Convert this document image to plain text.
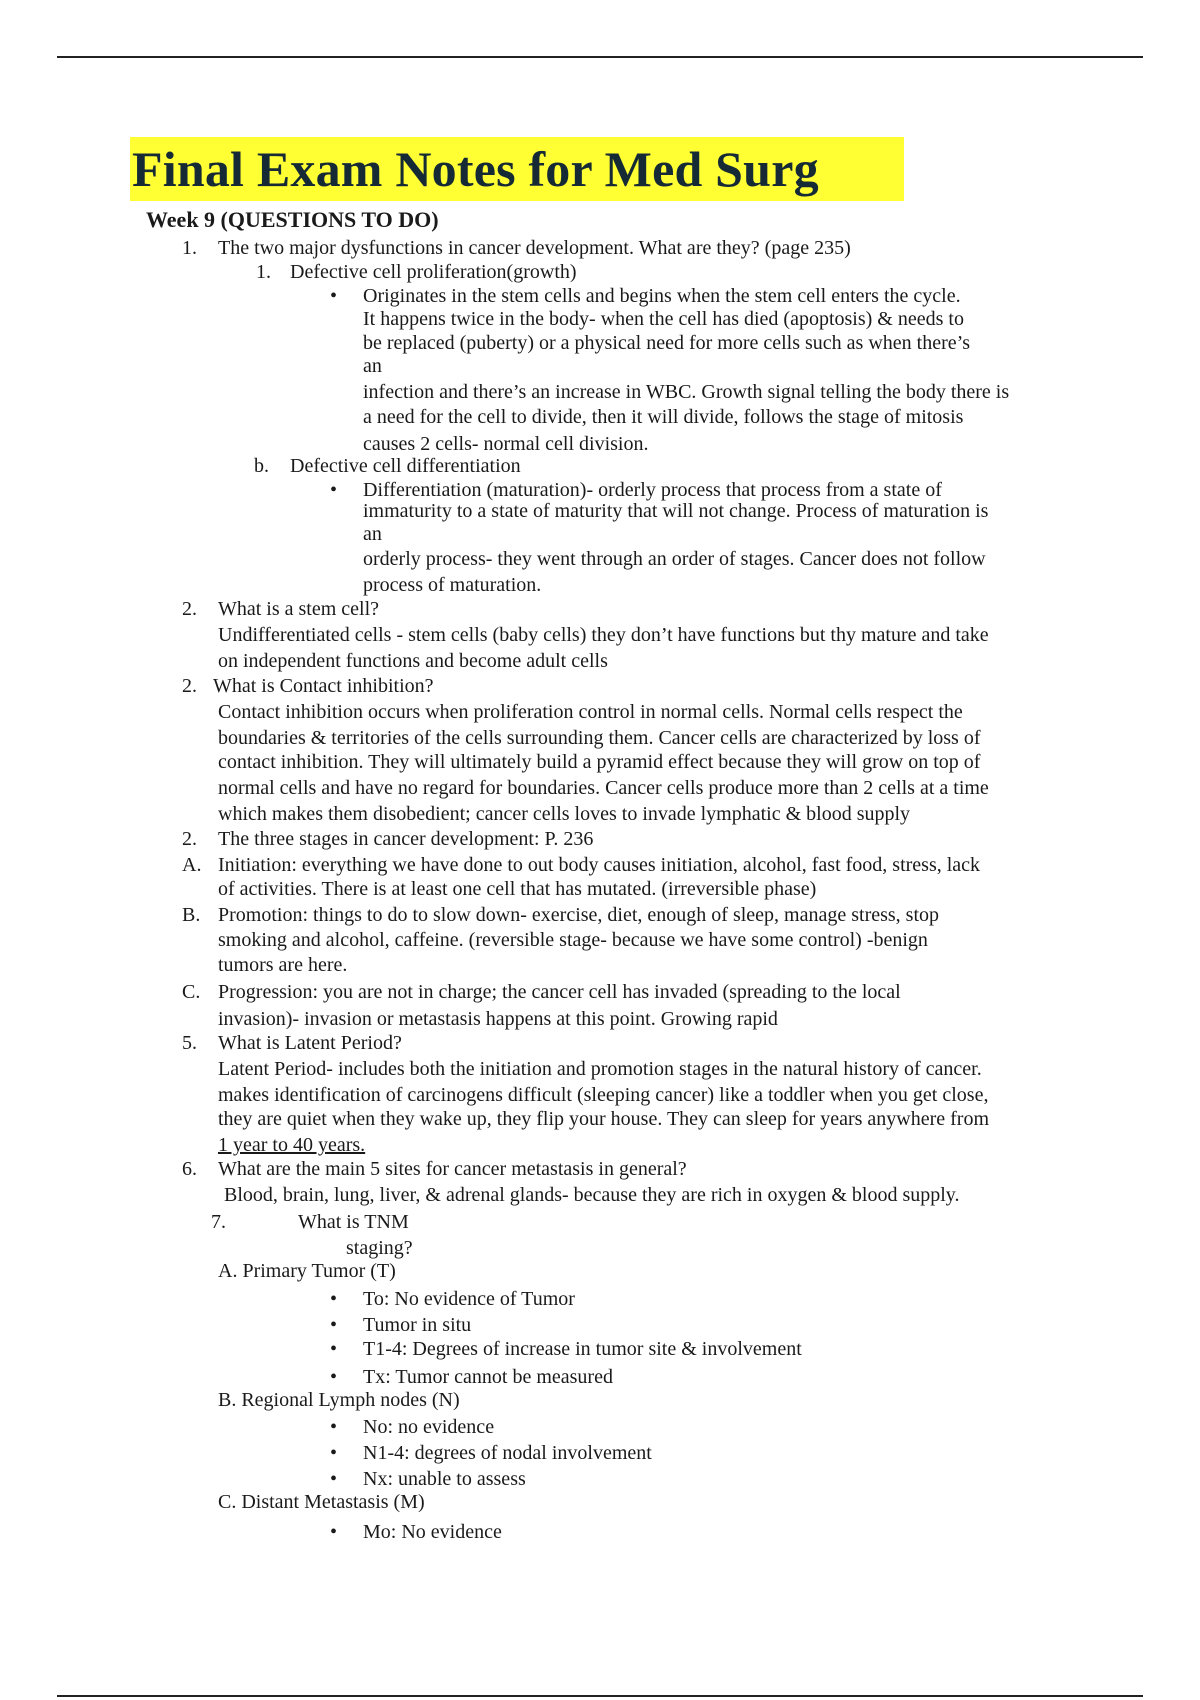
Final Exam Notes for Med Surg
Week 9 (QUESTIONS TO DO)
1. The two major dysfunctions in cancer development. What are they? (page 235)
1. Defective cell proliferation(growth)
• Originates in the stem cells and begins when the stem cell enters the cycle.
It happens twice in the body- when the cell has died (apoptosis) & needs to
be replaced (puberty) or a physical need for more cells such as when there’s
an
infection and there’s an increase in WBC. Growth signal telling the body there is
a need for the cell to divide, then it will divide, follows the stage of mitosis
causes 2 cells- normal cell division.
b. Defective cell differentiation
• Differentiation (maturation)- orderly process that process from a state of
immaturity to a state of maturity that will not change. Process of maturation is
an
orderly process- they went through an order of stages. Cancer does not follow
process of maturation.
2. What is a stem cell?
Undifferentiated cells - stem cells (baby cells) they don’t have functions but thy mature and take
on independent functions and become adult cells
2. What is Contact inhibition?
Contact inhibition occurs when proliferation control in normal cells. Normal cells respect the
boundaries & territories of the cells surrounding them. Cancer cells are characterized by loss of
contact inhibition. They will ultimately build a pyramid effect because they will grow on top of
normal cells and have no regard for boundaries. Cancer cells produce more than 2 cells at a time
which makes them disobedient; cancer cells loves to invade lymphatic & blood supply
2. The three stages in cancer development: P. 236
A. Initiation: everything we have done to out body causes initiation, alcohol, fast food, stress, lack
of activities. There is at least one cell that has mutated. (irreversible phase)
B. Promotion: things to do to slow down- exercise, diet, enough of sleep, manage stress, stop
smoking and alcohol, caffeine. (reversible stage- because we have some control) -benign
tumors are here.
C. Progression: you are not in charge; the cancer cell has invaded (spreading to the local
invasion)- invasion or metastasis happens at this point. Growing rapid
5. What is Latent Period?
Latent Period- includes both the initiation and promotion stages in the natural history of cancer.
makes identification of carcinogens difficult (sleeping cancer) like a toddler when you get close,
they are quiet when they wake up, they flip your house. They can sleep for years anywhere from
1 year to 40 years.
6. What are the main 5 sites for cancer metastasis in general?
Blood, brain, lung, liver, & adrenal glands- because they are rich in oxygen & blood supply.
7.	What is TNM
staging?
A. Primary Tumor (T)
• To: No evidence of Tumor
• Tumor in situ
• T1-4: Degrees of increase in tumor site & involvement
• Tx: Tumor cannot be measured
B. Regional Lymph nodes (N)
• No: no evidence
• N1-4: degrees of nodal involvement
• Nx: unable to assess
C. Distant Metastasis (M)
• Mo: No evidence
